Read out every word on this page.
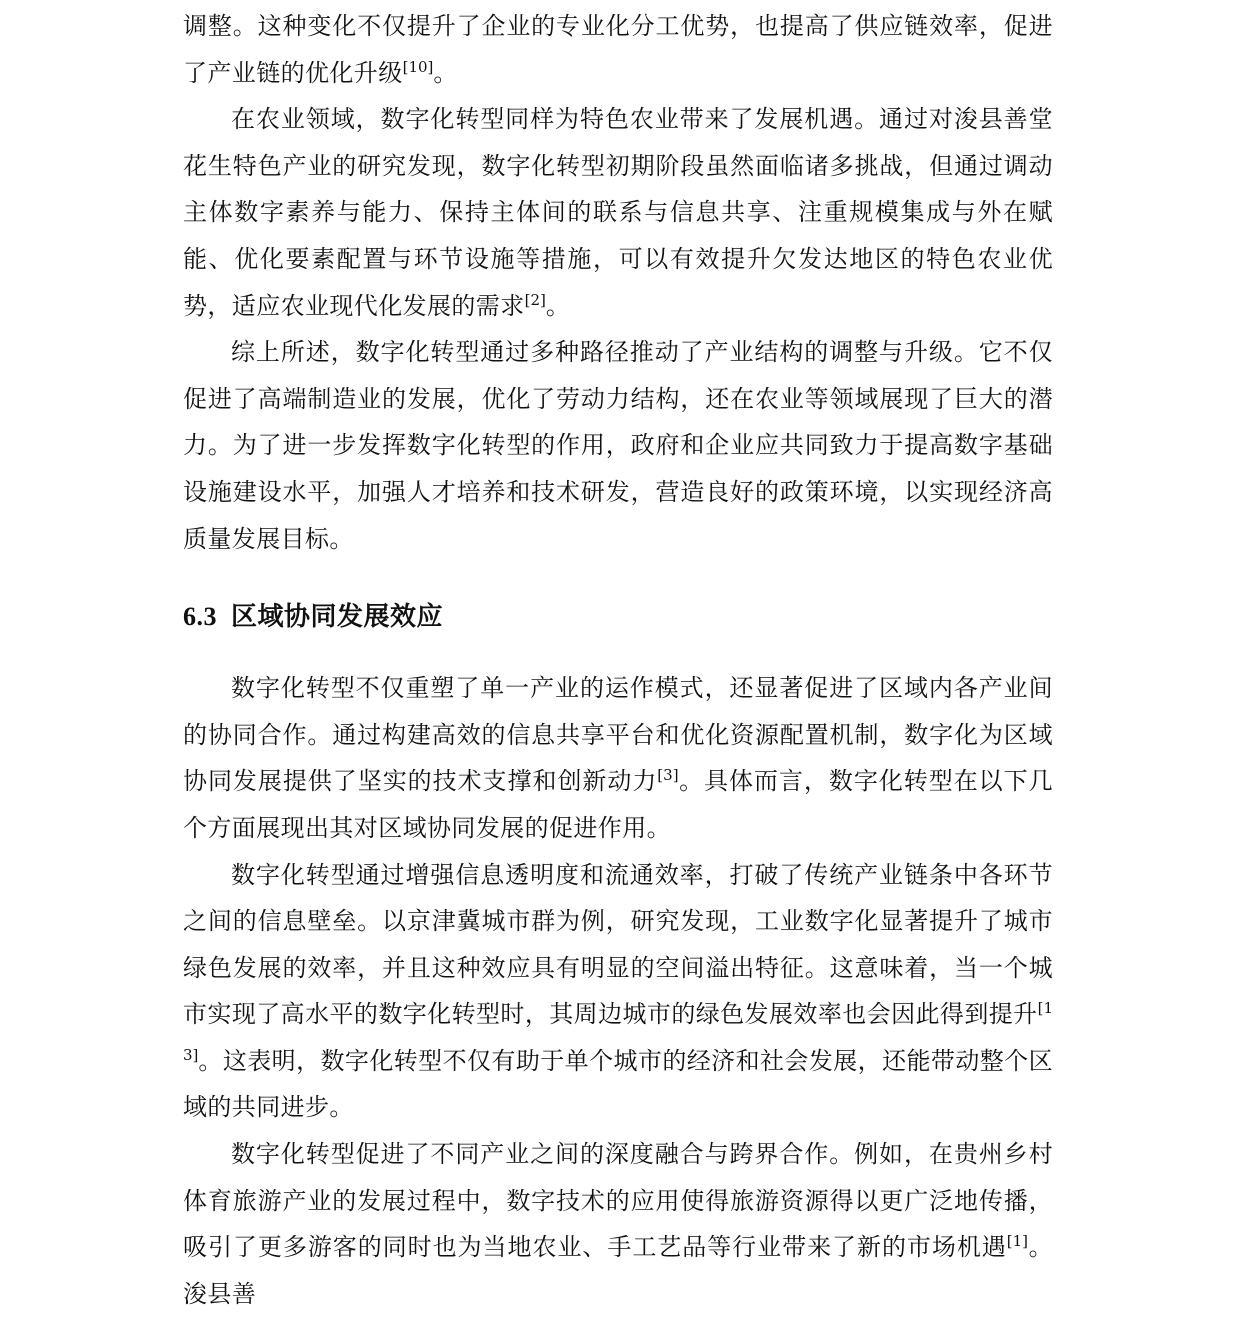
调整。这种变化不仅提升了企业的专业化分工优势，也提高了供应链效率，促进了产业链的优化升级[10]。

在农业领域，数字化转型同样为特色农业带来了发展机遇。通过对浚县善堂花生特色产业的研究发现，数字化转型初期阶段虽然面临诸多挑战，但通过调动主体数字素养与能力、保持主体间的联系与信息共享、注重规模集成与外在赋能、优化要素配置与环节设施等措施，可以有效提升欠发达地区的特色农业优势，适应农业现代化发展的需求[2]。

综上所述，数字化转型通过多种路径推动了产业结构的调整与升级。它不仅促进了高端制造业的发展，优化了劳动力结构，还在农业等领域展现了巨大的潜力。为了进一步发挥数字化转型的作用，政府和企业应共同致力于提高数字基础设施建设水平，加强人才培养和技术研发，营造良好的政策环境，以实现经济高质量发展目标。

6.3 区域协同发展效应

数字化转型不仅重塑了单一产业的运作模式，还显著促进了区域内各产业间的协同合作。通过构建高效的信息共享平台和优化资源配置机制，数字化为区域协同发展提供了坚实的技术支撑和创新动力[3]。具体而言，数字化转型在以下几个方面展现出其对区域协同发展的促进作用。

数字化转型通过增强信息透明度和流通效率，打破了传统产业链条中各环节之间的信息壁垒。以京津冀城市群为例，研究发现，工业数字化显著提升了城市绿色发展的效率，并且这种效应具有明显的空间溢出特征。这意味着，当一个城市实现了高水平的数字化转型时，其周边城市的绿色发展效率也会因此得到提升[13]。这表明，数字化转型不仅有助于单个城市的经济和社会发展，还能带动整个区域的共同进步。

数字化转型促进了不同产业之间的深度融合与跨界合作。例如，在贵州乡村体育旅游产业的发展过程中，数字技术的应用使得旅游资源得以更广泛地传播，吸引了更多游客的同时也为当地农业、手工艺品等行业带来了新的市场机遇[1]。浚县善
